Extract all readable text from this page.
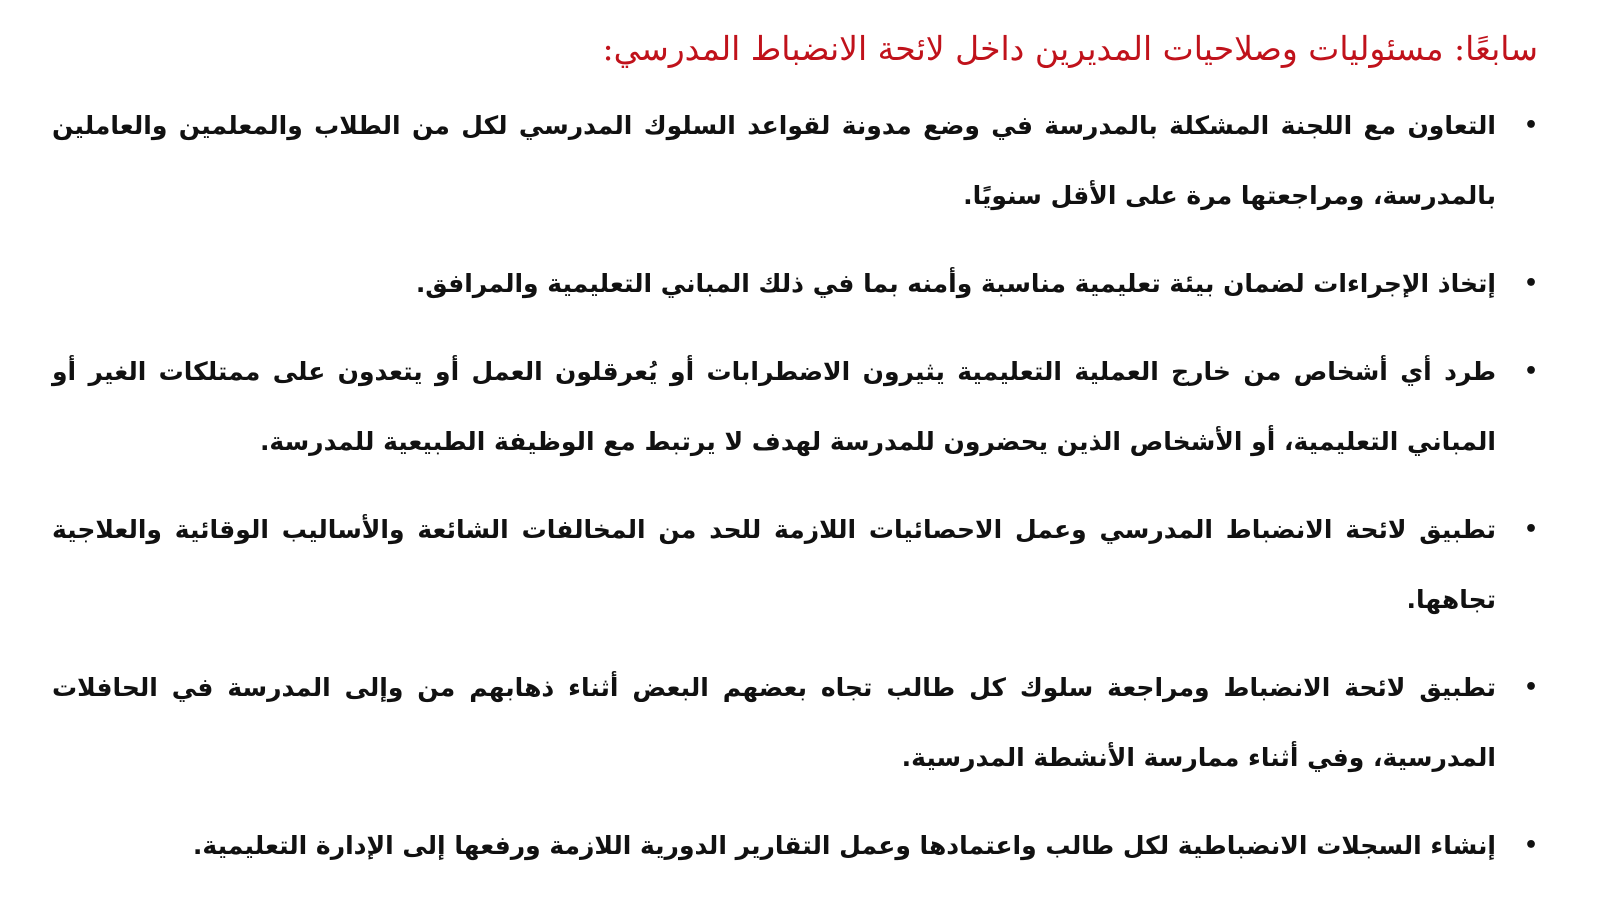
سابعًا: مسئوليات وصلاحيات المديرين داخل لائحة الانضباط المدرسي:
•
التعاون مع اللجنة المشكلة بالمدرسة في وضع مدونة لقواعد السلوك المدرسي لكل من الطلاب والمعلمين والعاملين بالمدرسة، ومراجعتها مرة على الأقل سنويًا.
•
إتخاذ الإجراءات لضمان بيئة تعليمية مناسبة وأمنه بما في ذلك المباني التعليمية والمرافق.
•
طرد أي أشخاص من خارج العملية التعليمية يثيرون الاضطرابات أو يُعرقلون العمل أو يتعدون على ممتلكات الغير أو المباني التعليمية، أو الأشخاص الذين يحضرون للمدرسة لهدف لا يرتبط مع الوظيفة الطبيعية للمدرسة.
•
تطبيق لائحة الانضباط المدرسي وعمل الاحصائيات اللازمة للحد من المخالفات الشائعة والأساليب الوقائية والعلاجية تجاهها.
•
تطبيق لائحة الانضباط ومراجعة سلوك كل طالب تجاه بعضهم البعض أثناء ذهابهم من وإلى المدرسة في الحافلات المدرسية، وفي أثناء ممارسة الأنشطة المدرسية.
•
إنشاء السجلات الانضباطية لكل طالب واعتمادها وعمل التقارير الدورية اللازمة ورفعها إلى الإدارة التعليمية.
